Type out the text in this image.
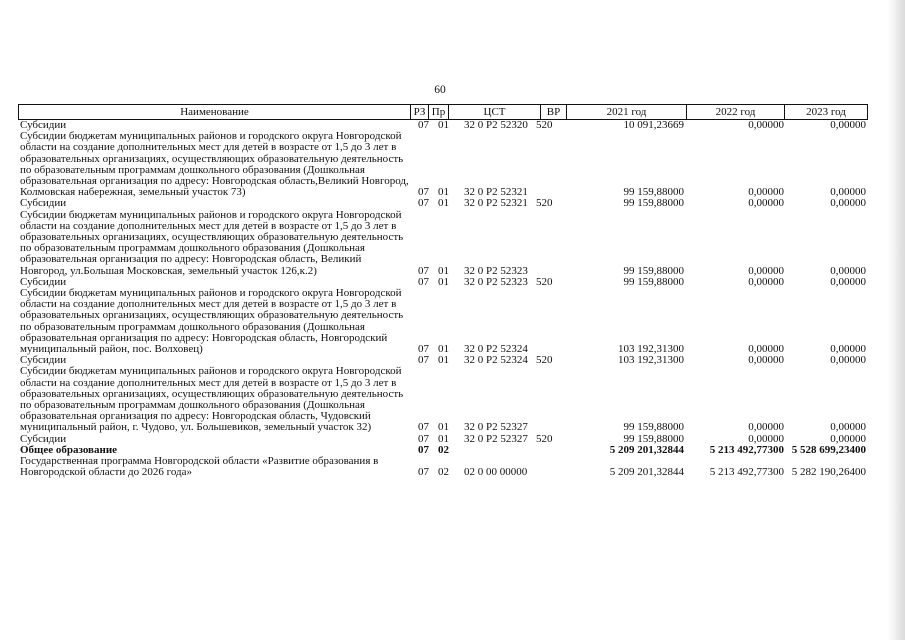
60
Наименование	РЗ Пр	ЦСТ	ВР	2021 год	2022 год	2023 год
Субсидии	07 01	32 0 Р2 52320 520	10 091,23669	0,00000	0,00000
Субсидии бюджетам муниципальных районов и городского округа Новгородской области на создание дополнительных мест для детей в возрасте от 1,5 до 3 лет в образовательных организациях, осуществляющих образовательную деятельность по образовательным программам дошкольного образования (Дошкольная образовательная организация по адресу: Новгородская область,Великий Новгород, Колмовская набережная, земельный участок 73)	07 01	32 0 Р2 52321	99 159,88000	0,00000	0,00000
Субсидии	07 01	32 0 Р2 52321 520	99 159,88000	0,00000	0,00000
Субсидии бюджетам муниципальных районов и городского округа Новгородской области на создание дополнительных мест для детей в возрасте от 1,5 до 3 лет в образовательных организациях, осуществляющих образовательную деятельность по образовательным программам дошкольного образования (Дошкольная образовательная организация по адресу: Новгородская область, Великий Новгород, ул.Большая Московская, земельный участок 126,к.2)	07 01	32 0 Р2 52323	99 159,88000	0,00000	0,00000
Субсидии	07 01	32 0 Р2 52323 520	99 159,88000	0,00000	0,00000
Субсидии бюджетам муниципальных районов и городского округа Новгородской области на создание дополнительных мест для детей в возрасте от 1,5 до 3 лет в образовательных организациях, осуществляющих образовательную деятельность по образовательным программам дошкольного образования (Дошкольная образовательная организация по адресу: Новгородская область, Новгородский муниципальный район, пос. Волховец)	07 01	32 0 Р2 52324	103 192,31300	0,00000	0,00000
Субсидии	07 01	32 0 Р2 52324 520	103 192,31300	0,00000	0,00000
Субсидии бюджетам муниципальных районов и городского округа Новгородской области на создание дополнительных мест для детей в возрасте от 1,5 до 3 лет в образовательных организациях, осуществляющих образовательную деятельность по образовательным программам дошкольного образования (Дошкольная образовательная организация по адресу: Новгородская область, Чудовский муниципальный район, г. Чудово, ул. Большевиков, земельный участок 32)	07 01	32 0 Р2 52327	99 159,88000	0,00000	0,00000
Субсидии	07 01	32 0 Р2 52327 520	99 159,88000	0,00000	0,00000
Общее образование	07 02	5 209 201,32844	5 213 492,77300 5 528 699,23400
Государственная программа Новгородской области «Развитие образования в Новгородской области до 2026 года»	07 02	02 0 00 00000	5 209 201,32844	5 213 492,77300 5 282 190,26400
